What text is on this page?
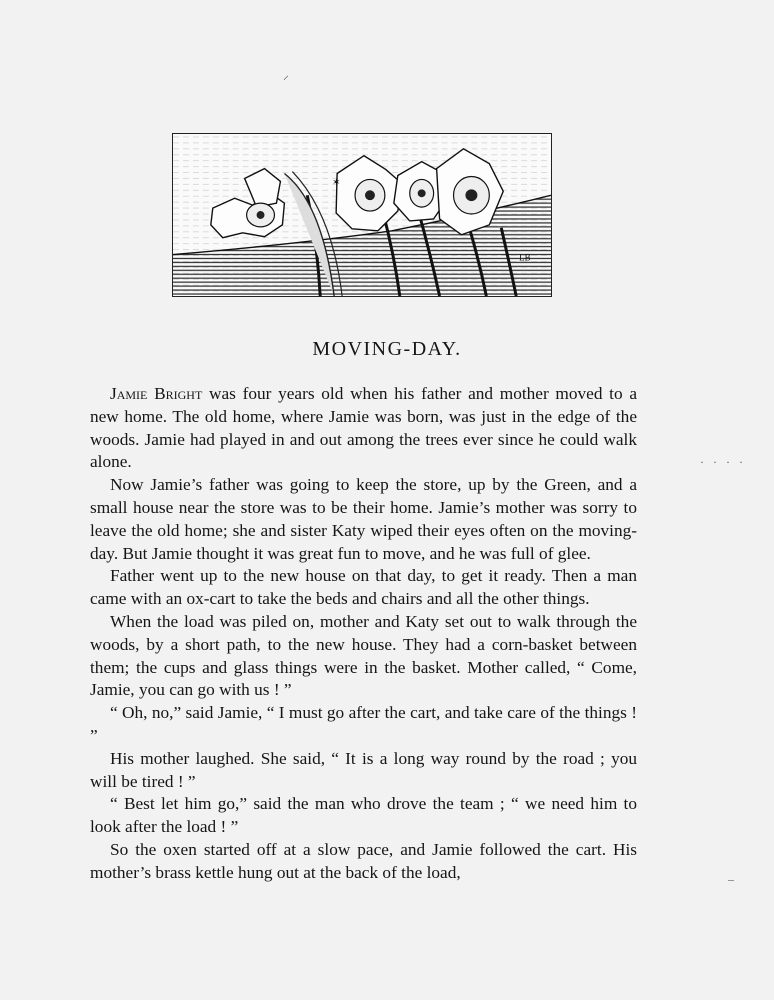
⸝
· · · ·
–
✶
LB
MOVING-DAY.

Jamie Bright was four years old when his father and mother moved to a new home. The old home, where Jamie was born, was just in the edge of the woods. Jamie had played in and out among the trees ever since he could walk alone.

Now Jamie’s father was going to keep the store, up by the Green, and a small house near the store was to be their home. Jamie’s mother was sorry to leave the old home; she and sister Katy wiped their eyes often on the moving-day. But Jamie thought it was great fun to move, and he was full of glee.

Father went up to the new house on that day, to get it ready. Then a man came with an ox-cart to take the beds and chairs and all the other things.

When the load was piled on, mother and Katy set out to walk through the woods, by a short path, to the new house. They had a corn-basket between them; the cups and glass things were in the basket. Mother called, “ Come, Jamie, you can go with us ! ”

“ Oh, no,” said Jamie, “ I must go after the cart, and take care of the things ! ”

His mother laughed. She said, “ It is a long way round by the road ; you will be tired ! ”

“ Best let him go,” said the man who drove the team ; “ we need him to look after the load ! ”

So the oxen started off at a slow pace, and Jamie followed the cart. His mother’s brass kettle hung out at the back of the load,
